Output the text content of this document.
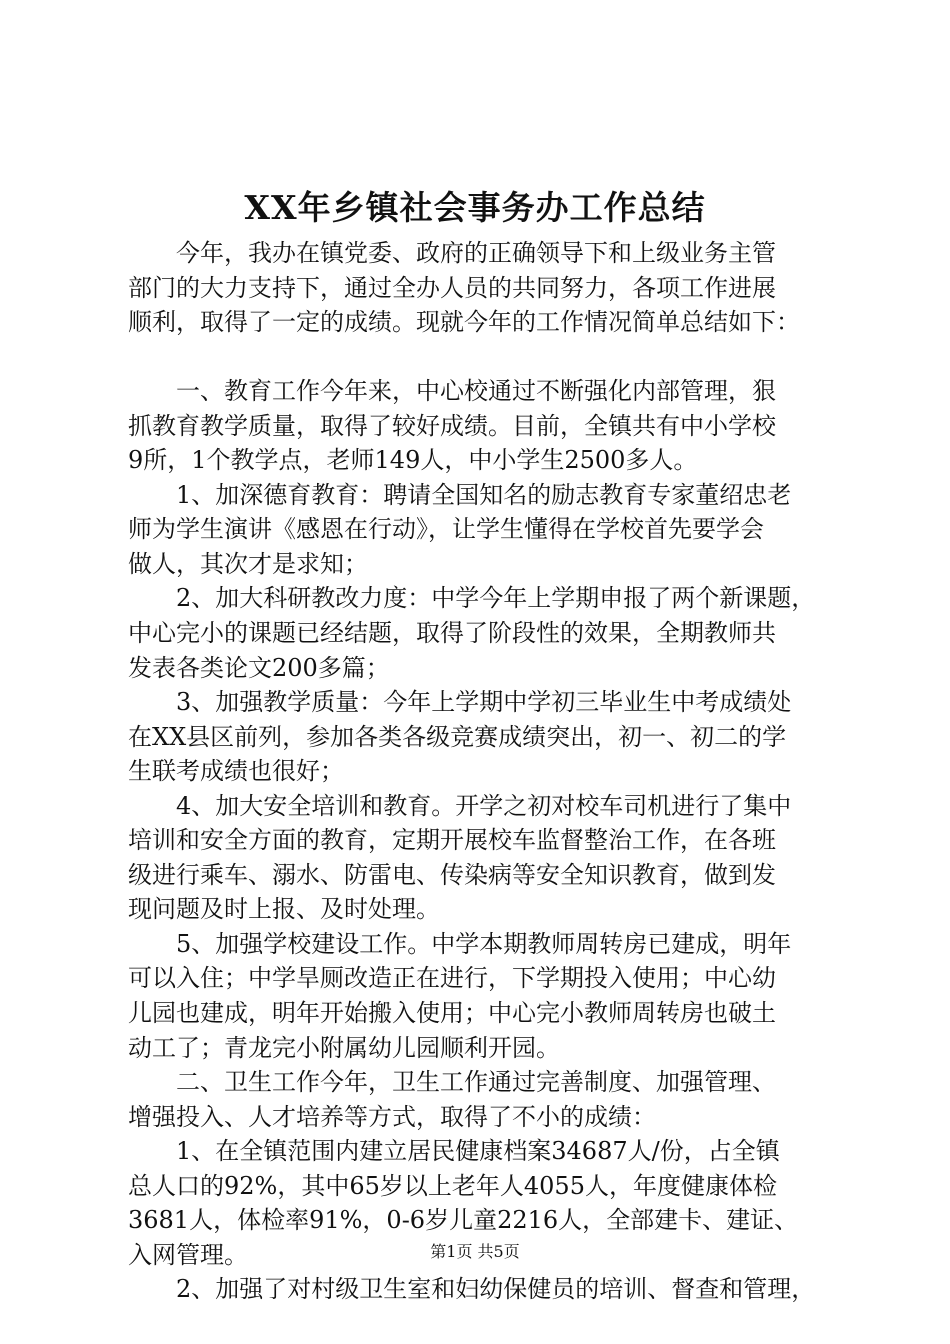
XX年乡镇社会事务办工作总结
　　今年，我办在镇党委、政府的正确领导下和上级业务主管
部门的大力支持下，通过全办人员的共同努力，各项工作进展
顺利，取得了一定的成绩。现就今年的工作情况简单总结如下：
　　一、教育工作今年来，中心校通过不断强化内部管理，狠
抓教育教学质量，取得了较好成绩。目前，全镇共有中小学校
9所，1个教学点，老师149人，中小学生2500多人。
　　1、加深德育教育：聘请全国知名的励志教育专家董绍忠老
师为学生演讲《感恩在行动》，让学生懂得在学校首先要学会
做人，其次才是求知；
　　2、加大科研教改力度：中学今年上学期申报了两个新课题，
中心完小的课题已经结题，取得了阶段性的效果，全期教师共
发表各类论文200多篇；
　　3、加强教学质量：今年上学期中学初三毕业生中考成绩处
在XX县区前列，参加各类各级竞赛成绩突出，初一、初二的学
生联考成绩也很好；
　　4、加大安全培训和教育。开学之初对校车司机进行了集中
培训和安全方面的教育，定期开展校车监督整治工作，在各班
级进行乘车、溺水、防雷电、传染病等安全知识教育，做到发
现问题及时上报、及时处理。
　　5、加强学校建设工作。中学本期教师周转房已建成，明年
可以入住；中学旱厕改造正在进行，下学期投入使用；中心幼
儿园也建成，明年开始搬入使用；中心完小教师周转房也破土
动工了；青龙完小附属幼儿园顺利开园。
　　二、卫生工作今年，卫生工作通过完善制度、加强管理、
增强投入、人才培养等方式，取得了不小的成绩：
　　1、在全镇范围内建立居民健康档案34687人/份，占全镇
总人口的92%，其中65岁以上老年人4055人，年度健康体检
3681人，体检率91%，0-6岁儿童2216人，全部建卡、建证、
入网管理。
　　2、加强了对村级卫生室和妇幼保健员的培训、督查和管理，
第1页 共5页
